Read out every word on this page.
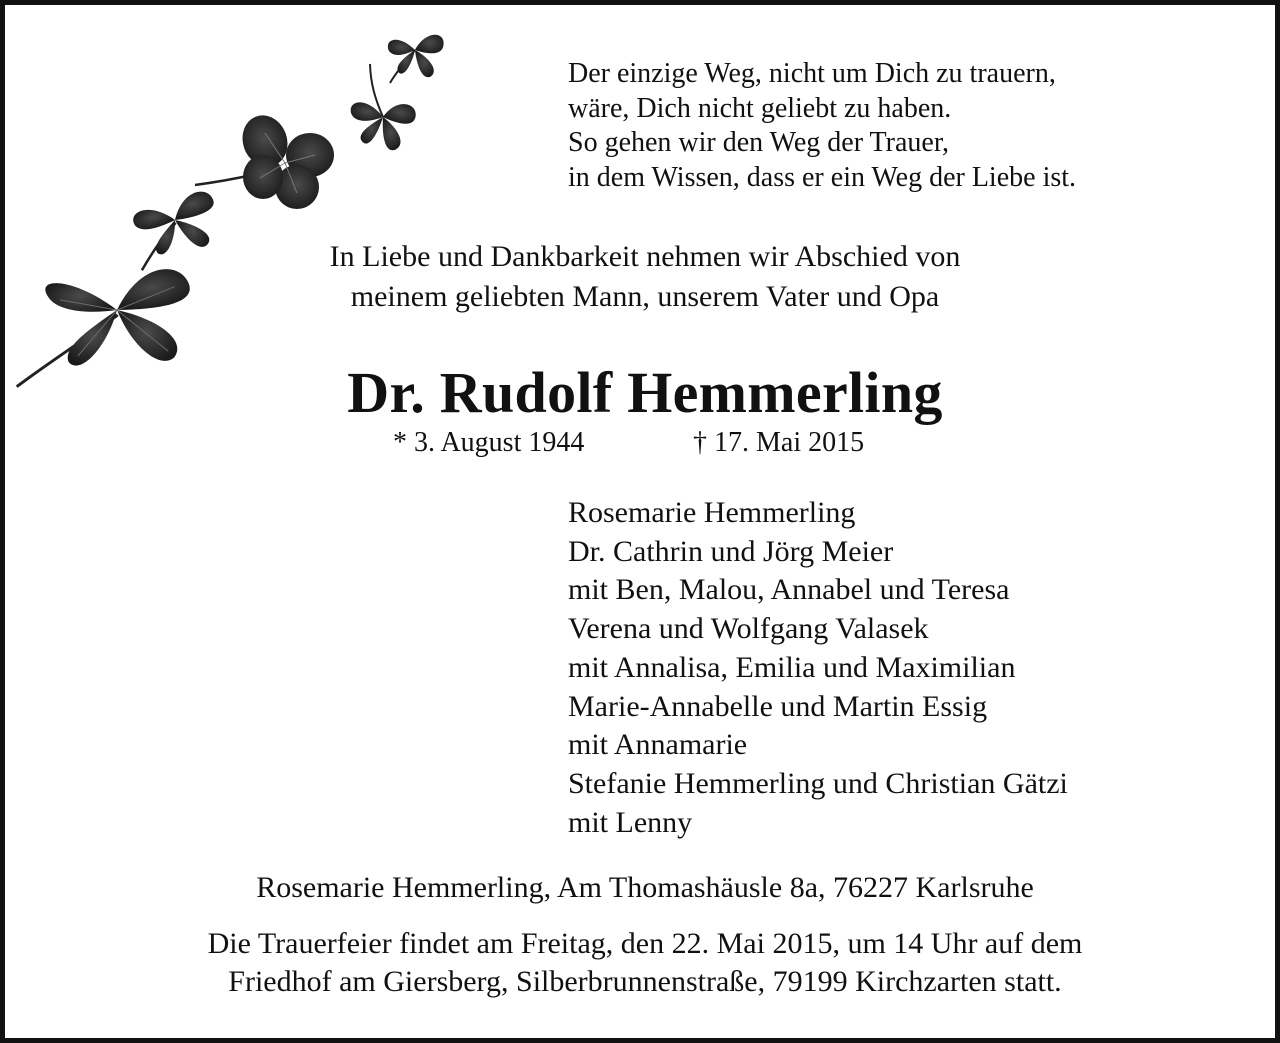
Der einzige Weg, nicht um Dich zu trauern,
wäre, Dich nicht geliebt zu haben.
So gehen wir den Weg der Trauer,
in dem Wissen, dass er ein Weg der Liebe ist.
In Liebe und Dankbarkeit nehmen wir Abschied von
meinem geliebten Mann, unserem Vater und Opa
Dr. Rudolf Hemmerling
* 3. August 1944	† 17. Mai 2015
Rosemarie Hemmerling
Dr. Cathrin und Jörg Meier
mit Ben, Malou, Annabel und Teresa
Verena und Wolfgang Valasek
mit Annalisa, Emilia und Maximilian
Marie-Annabelle und Martin Essig
mit Annamarie
Stefanie Hemmerling und Christian Gätzi
mit Lenny
Rosemarie Hemmerling, Am Thomashäusle 8a, 76227 Karlsruhe
Die Trauerfeier findet am Freitag, den 22. Mai 2015, um 14 Uhr auf dem
Friedhof am Giersberg, Silberbrunnenstraße, 79199 Kirchzarten statt.
